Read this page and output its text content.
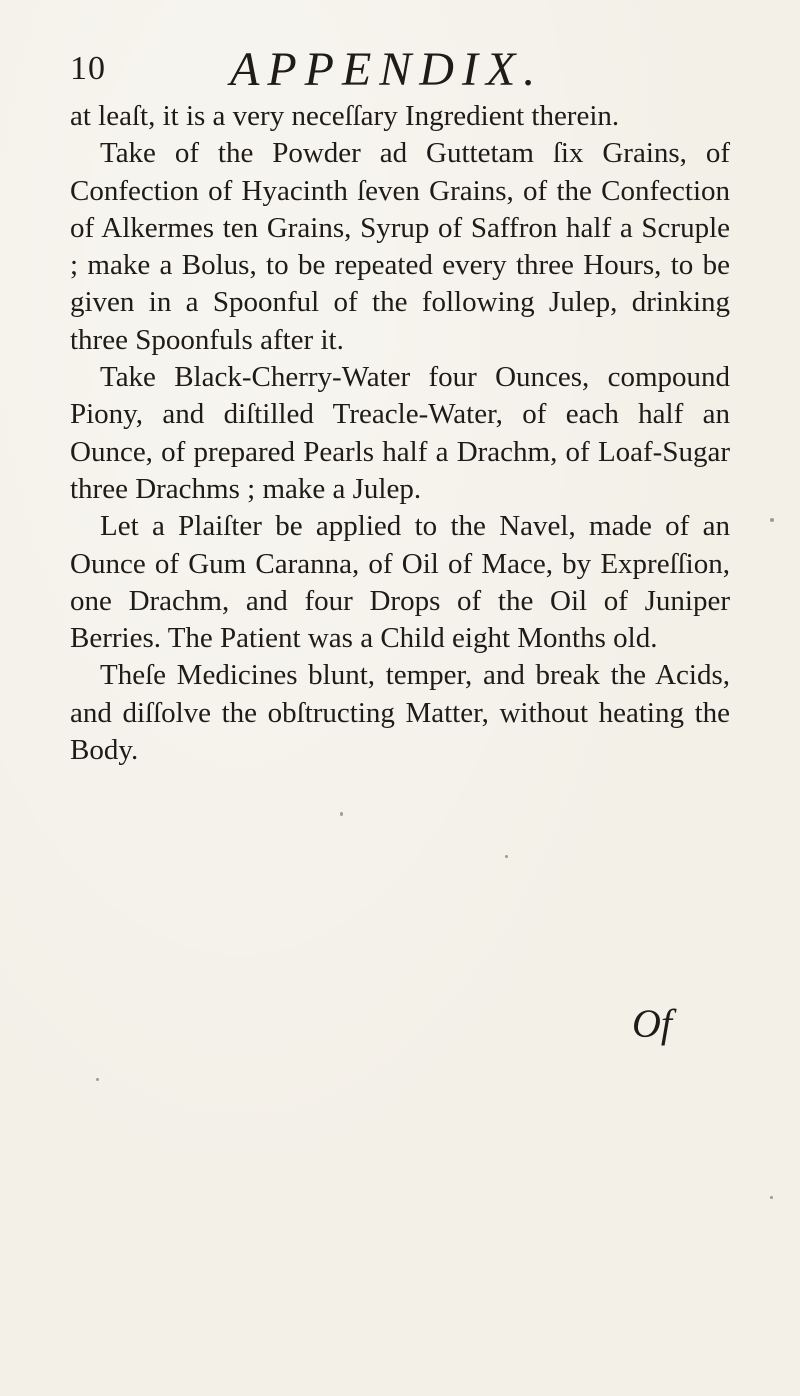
10	APPENDIX.

at leaſt, it is a very neceſſary Ingredient therein.

Take of the Powder ad Guttetam ſix Grains, of Confection of Hyacinth ſeven Grains, of the Confection of Alkermes ten Grains, Syrup of Saffron half a Scruple ; make a Bolus, to be repeated every three Hours, to be given in a Spoonful of the following Julep, drinking three Spoonfuls after it.

Take Black-Cherry-Water four Ounces, compound Piony, and diſtilled Treacle-Water, of each half an Ounce, of prepared Pearls half a Drachm, of Loaf-Sugar three Drachms ; make a Julep.

Let a Plaiſter be applied to the Navel, made of an Ounce of Gum Caranna, of Oil of Mace, by Expreſſion, one Drachm, and four Drops of the Oil of Juniper Berries. The Patient was a Child eight Months old.

Theſe Medicines blunt, temper, and break the Acids, and diſſolve the obſtructing Matter, without heating the Body.

Of
